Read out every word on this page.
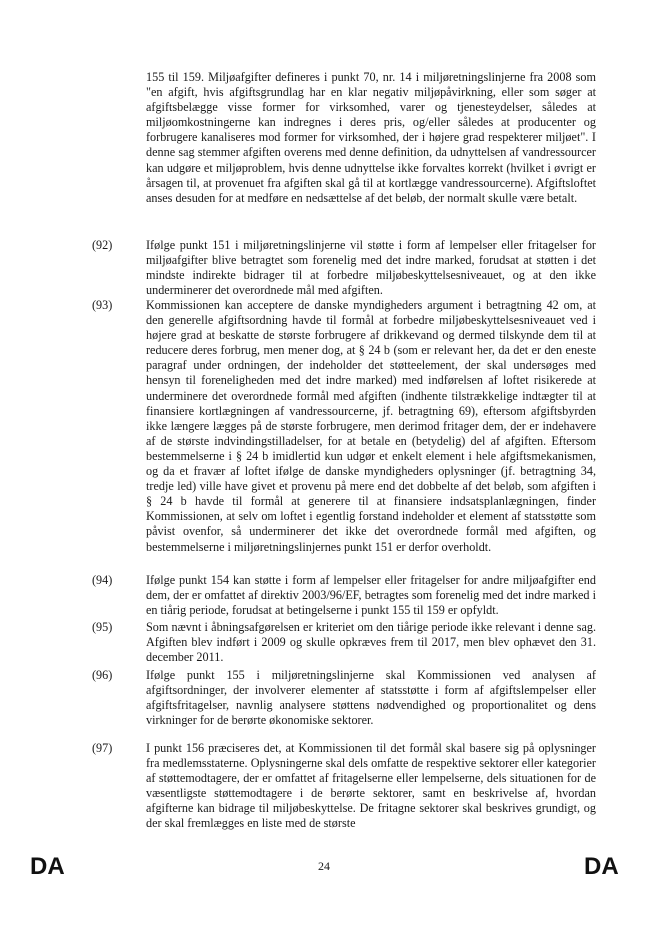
155 til 159. Miljøafgifter defineres i punkt 70, nr. 14 i miljøretningslinjerne fra 2008 som "en afgift, hvis afgiftsgrundlag har en klar negativ miljøpåvirkning, eller som søger at afgiftsbelægge visse former for virksomhed, varer og tjenesteydelser, således at miljøomkostningerne kan indregnes i deres pris, og/eller således at producenter og forbrugere kanaliseres mod former for virksomhed, der i højere grad respekterer miljøet". I denne sag stemmer afgiften overens med denne definition, da udnyttelsen af vandressourcer kan udgøre et miljøproblem, hvis denne udnyttelse ikke forvaltes korrekt (hvilket i øvrigt er årsagen til, at provenuet fra afgiften skal gå til at kortlægge vandressourcerne). Afgiftsloftet anses desuden for at medføre en nedsættelse af det beløb, der normalt skulle være betalt.
(92)	Ifølge punkt 151 i miljøretningslinjerne vil støtte i form af lempelser eller fritagelser for miljøafgifter blive betragtet som forenelig med det indre marked, forudsat at støtten i det mindste indirekte bidrager til at forbedre miljøbeskyttelsesniveauet, og at den ikke underminerer det overordnede mål med afgiften.
(93)	Kommissionen kan acceptere de danske myndigheders argument i betragtning 42 om, at den generelle afgiftsordning havde til formål at forbedre miljøbeskyttelsesniveauet ved i højere grad at beskatte de største forbrugere af drikkevand og dermed tilskynde dem til at reducere deres forbrug, men mener dog, at § 24 b (som er relevant her, da det er den eneste paragraf under ordningen, der indeholder det støtteelement, der skal undersøges med hensyn til foreneligheden med det indre marked) med indførelsen af loftet risikerede at underminere det overordnede formål med afgiften (indhente tilstrækkelige indtægter til at finansiere kortlægningen af vandressourcerne, jf. betragtning 69), eftersom afgiftsbyrden ikke længere lægges på de største forbrugere, men derimod fritager dem, der er indehavere af de største indvindingstilladelser, for at betale en (betydelig) del af afgiften. Eftersom bestemmelserne i § 24 b imidlertid kun udgør et enkelt element i hele afgiftsmekanismen, og da et fravær af loftet ifølge de danske myndigheders oplysninger (jf. betragtning 34, tredje led) ville have givet et provenu på mere end det dobbelte af det beløb, som afgiften i § 24 b havde til formål at generere til at finansiere indsatsplanlægningen, finder Kommissionen, at selv om loftet i egentlig forstand indeholder et element af statsstøtte som påvist ovenfor, så underminerer det ikke det overordnede formål med afgiften, og bestemmelserne i miljøretningslinjernes punkt 151 er derfor overholdt.
(94)	Ifølge punkt 154 kan støtte i form af lempelser eller fritagelser for andre miljøafgifter end dem, der er omfattet af direktiv 2003/96/EF, betragtes som forenelig med det indre marked i en tiårig periode, forudsat at betingelserne i punkt 155 til 159 er opfyldt.
(95)	Som nævnt i åbningsafgørelsen er kriteriet om den tiårige periode ikke relevant i denne sag. Afgiften blev indført i 2009 og skulle opkræves frem til 2017, men blev ophævet den 31. december 2011.
(96)	Ifølge punkt 155 i miljøretningslinjerne skal Kommissionen ved analysen af afgiftsordninger, der involverer elementer af statsstøtte i form af afgiftslempelser eller afgiftsfritagelser, navnlig analysere støttens nødvendighed og proportionalitet og dens virkninger for de berørte økonomiske sektorer.
(97)	I punkt 156 præciseres det, at Kommissionen til det formål skal basere sig på oplysninger fra medlemsstaterne. Oplysningerne skal dels omfatte de respektive sektorer eller kategorier af støttemodtagere, der er omfattet af fritagelserne eller lempelserne, dels situationen for de væsentligste støttemodtagere i de berørte sektorer, samt en beskrivelse af, hvordan afgifterne kan bidrage til miljøbeskyttelse. De fritagne sektorer skal beskrives grundigt, og der skal fremlægges en liste med de største
DA	24	DA
